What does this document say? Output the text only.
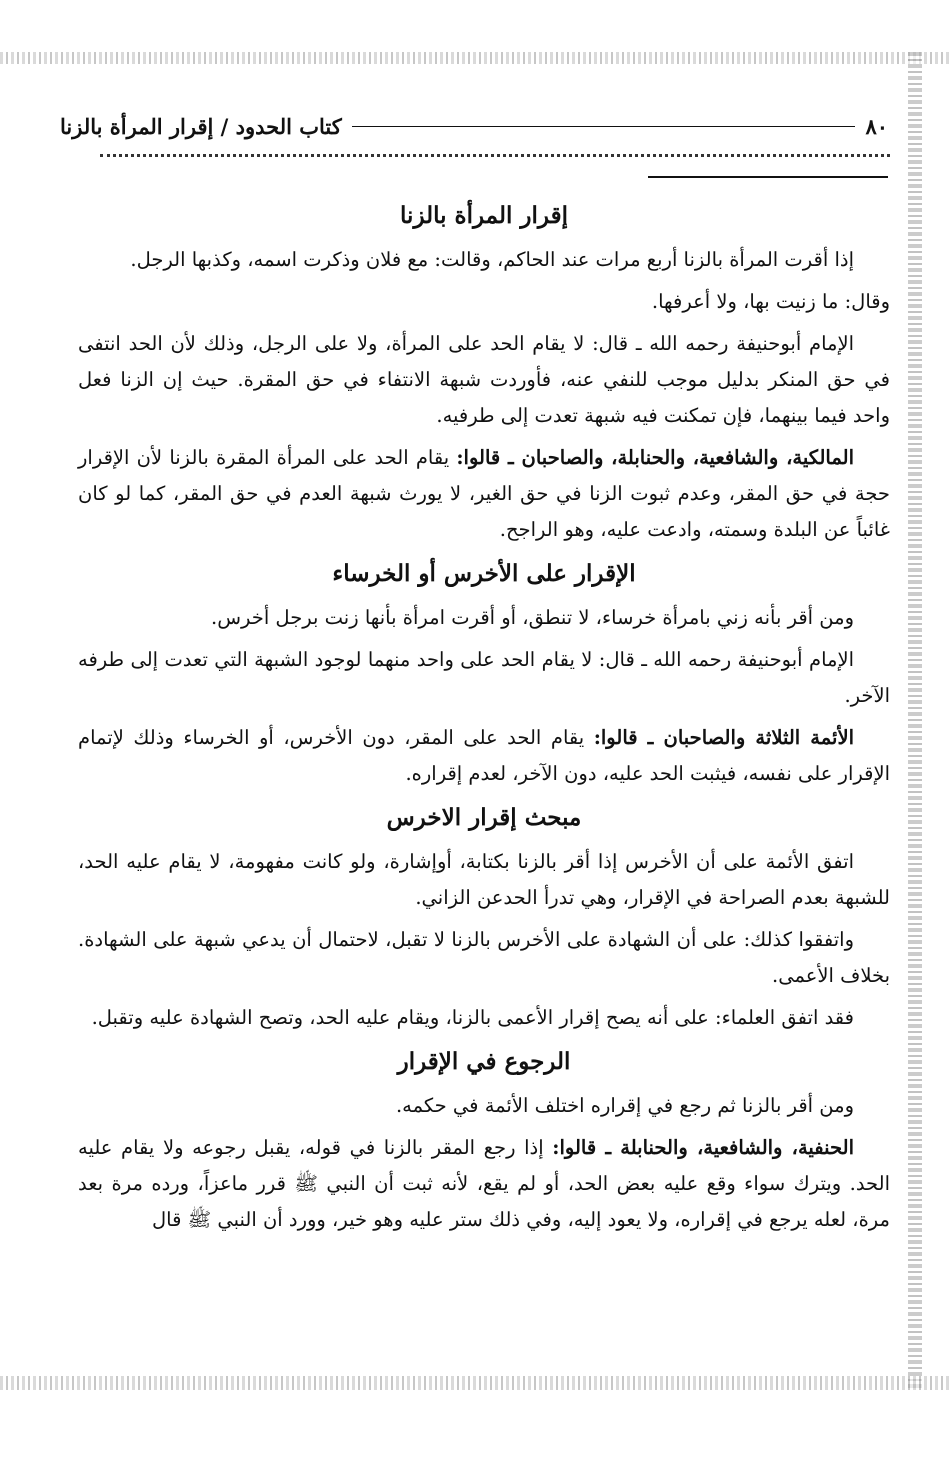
كتاب الحدود / إقرار المرأة بالزنا	٨٠
إقرار المرأة بالزنا

إذا أقرت المرأة بالزنا أربع مرات عند الحاكم، وقالت: مع فلان وذكرت اسمه، وكذبها الرجل.

وقال: ما زنيت بها، ولا أعرفها.

الإمام أبوحنيفة رحمه الله ـ قال: لا يقام الحد على المرأة، ولا على الرجل، وذلك لأن الحد انتفى في حق المنكر بدليل موجب للنفي عنه، فأوردت شبهة الانتفاء في حق المقرة. حيث إن الزنا فعل واحد فيما بينهما، فإن تمكنت فيه شبهة تعدت إلى طرفيه.

المالكية، والشافعية، والحنابلة، والصاحبان ـ قالوا: يقام الحد على المرأة المقرة بالزنا لأن الإقرار حجة في حق المقر، وعدم ثبوت الزنا في حق الغير، لا يورث شبهة العدم في حق المقر، كما لو كان غائباً عن البلدة وسمته، وادعت عليه، وهو الراجح.

الإقرار على الأخرس أو الخرساء

ومن أقر بأنه زني بامرأة خرساء، لا تنطق، أو أقرت امرأة بأنها زنت برجل أخرس.

الإمام أبوحنيفة رحمه الله ـ قال: لا يقام الحد على واحد منهما لوجود الشبهة التي تعدت إلى طرفه الآخر.

الأئمة الثلاثة والصاحبان ـ قالوا: يقام الحد على المقر، دون الأخرس، أو الخرساء وذلك لإتمام الإقرار على نفسه، فيثبت الحد عليه، دون الآخر، لعدم إقراره.

مبحث إقرار الاخرس

اتفق الأئمة على أن الأخرس إذا أقر بالزنا بكتابة، أوإشارة، ولو كانت مفهومة، لا يقام عليه الحد، للشبهة بعدم الصراحة في الإقرار، وهي تدرأ الحدعن الزاني.

واتفقوا كذلك: على أن الشهادة على الأخرس بالزنا لا تقبل، لاحتمال أن يدعي شبهة على الشهادة. بخلاف الأعمى.

فقد اتفق العلماء: على أنه يصح إقرار الأعمى بالزنا، ويقام عليه الحد، وتصح الشهادة عليه وتقبل.

الرجوع في الإقرار

ومن أقر بالزنا ثم رجع في إقراره اختلف الأئمة في حكمه.

الحنفية، والشافعية، والحنابلة ـ قالوا: إذا رجع المقر بالزنا في قوله، يقبل رجوعه ولا يقام عليه الحد. ويترك سواء وقع عليه بعض الحد، أو لم يقع، لأنه ثبت أن النبي ﷺ قرر ماعزاً، ورده مرة بعد مرة، لعله يرجع في إقراره، ولا يعود إليه، وفي ذلك ستر عليه وهو خير، وورد أن النبي ﷺ قال
